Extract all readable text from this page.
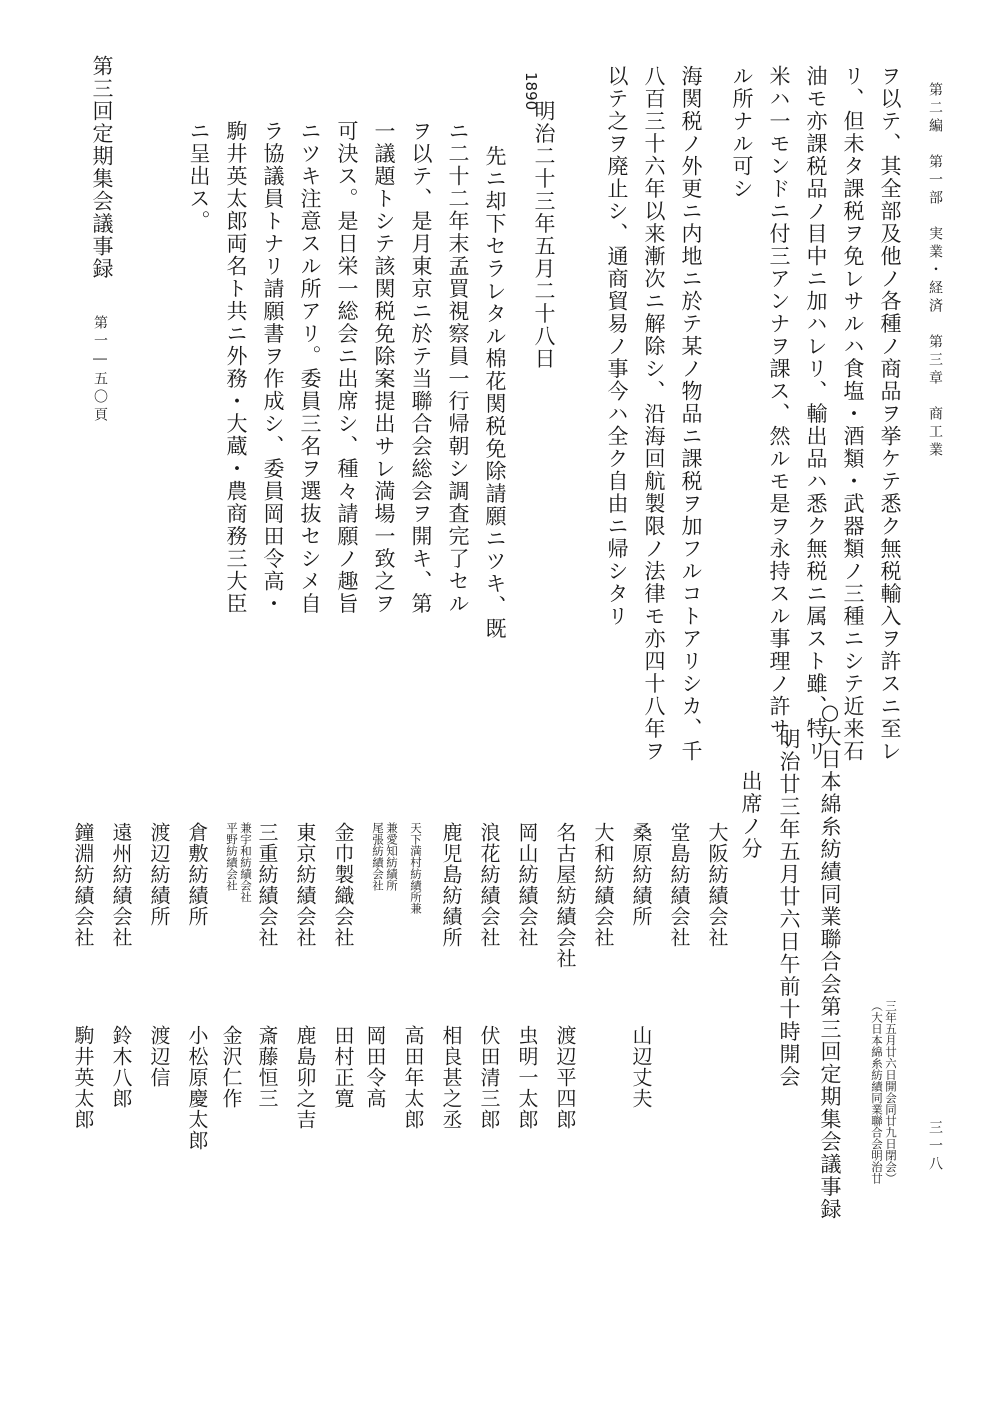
第二編　第一部　実業・経済　第三章　商工業
三一八
ヲ以テ、其全部及他ノ各種ノ商品ヲ挙ケテ悉ク無税輸入ヲ許スニ至レ
リ、但未タ課税ヲ免レサルハ食塩・酒類・武器類ノ三種ニシテ近来石
油モ亦課税品ノ目中ニ加ハレリ、輸出品ハ悉ク無税ニ属スト雖、特リ
米ハ一モンドニ付三アンナヲ課ス、然ルモ是ヲ永持スル事理ノ許サ、
ル所ナル可シ
海関税ノ外更ニ内地ニ於テ某ノ物品ニ課税ヲ加フルコトアリシカ、千
八百三十六年以来漸次ニ解除シ、沿海回航製限ノ法律モ亦四十八年ヲ
以テ之ヲ廃止シ、通商貿易ノ事今ハ全ク自由ニ帰シタリ
1890
明治二十三年五月二十八日
先ニ却下セラレタル棉花関税免除請願ニツキ、既
ニ二十二年末孟買視察員一行帰朝シ調査完了セル
ヲ以テ、是月東京ニ於テ当聯合会総会ヲ開キ、第
一議題トシテ該関税免除案提出サレ満場一致之ヲ
可決ス。是日栄一総会ニ出席シ、種々請願ノ趣旨
ニツキ注意スル所アリ。委員三名ヲ選抜セシメ自
ラ協議員トナリ請願書ヲ作成シ、委員岡田令高・
駒井英太郎両名ト共ニ外務・大蔵・農商務三大臣
ニ呈出ス。
第三回定期集会議事録
第一―五〇頁
○大日本綿糸紡績同業聯合会第三回定期集会議事録 （大日本綿糸紡績同業聯合会明治廿 三年五月廿六日開会同廿九日閉会）
明治廿三年五月廿六日午前十時開会
出席ノ分
大阪紡績会社
堂島紡績会社
桑原紡績所
大和紡績会社
名古屋紡績会社
岡山紡績会社
浪花紡績会社
鹿児島紡績所
天下満村紡績所兼
尾張紡績会社 兼愛知紡績所
金巾製織会社
東京紡績会社
三重紡績会社
平野紡績会社 兼宇和紡績会社
倉敷紡績所
渡辺紡績所
遠州紡績会社
鐘淵紡績会社
山辺丈夫
渡辺平四郎
虫明一太郎
伏田清三郎
相良甚之丞
高田年太郎
岡田令高
田村正寛
鹿島卯之吉
斎藤恒三
金沢仁作
小松原慶太郎
渡辺信
鈴木八郎
駒井英太郎
